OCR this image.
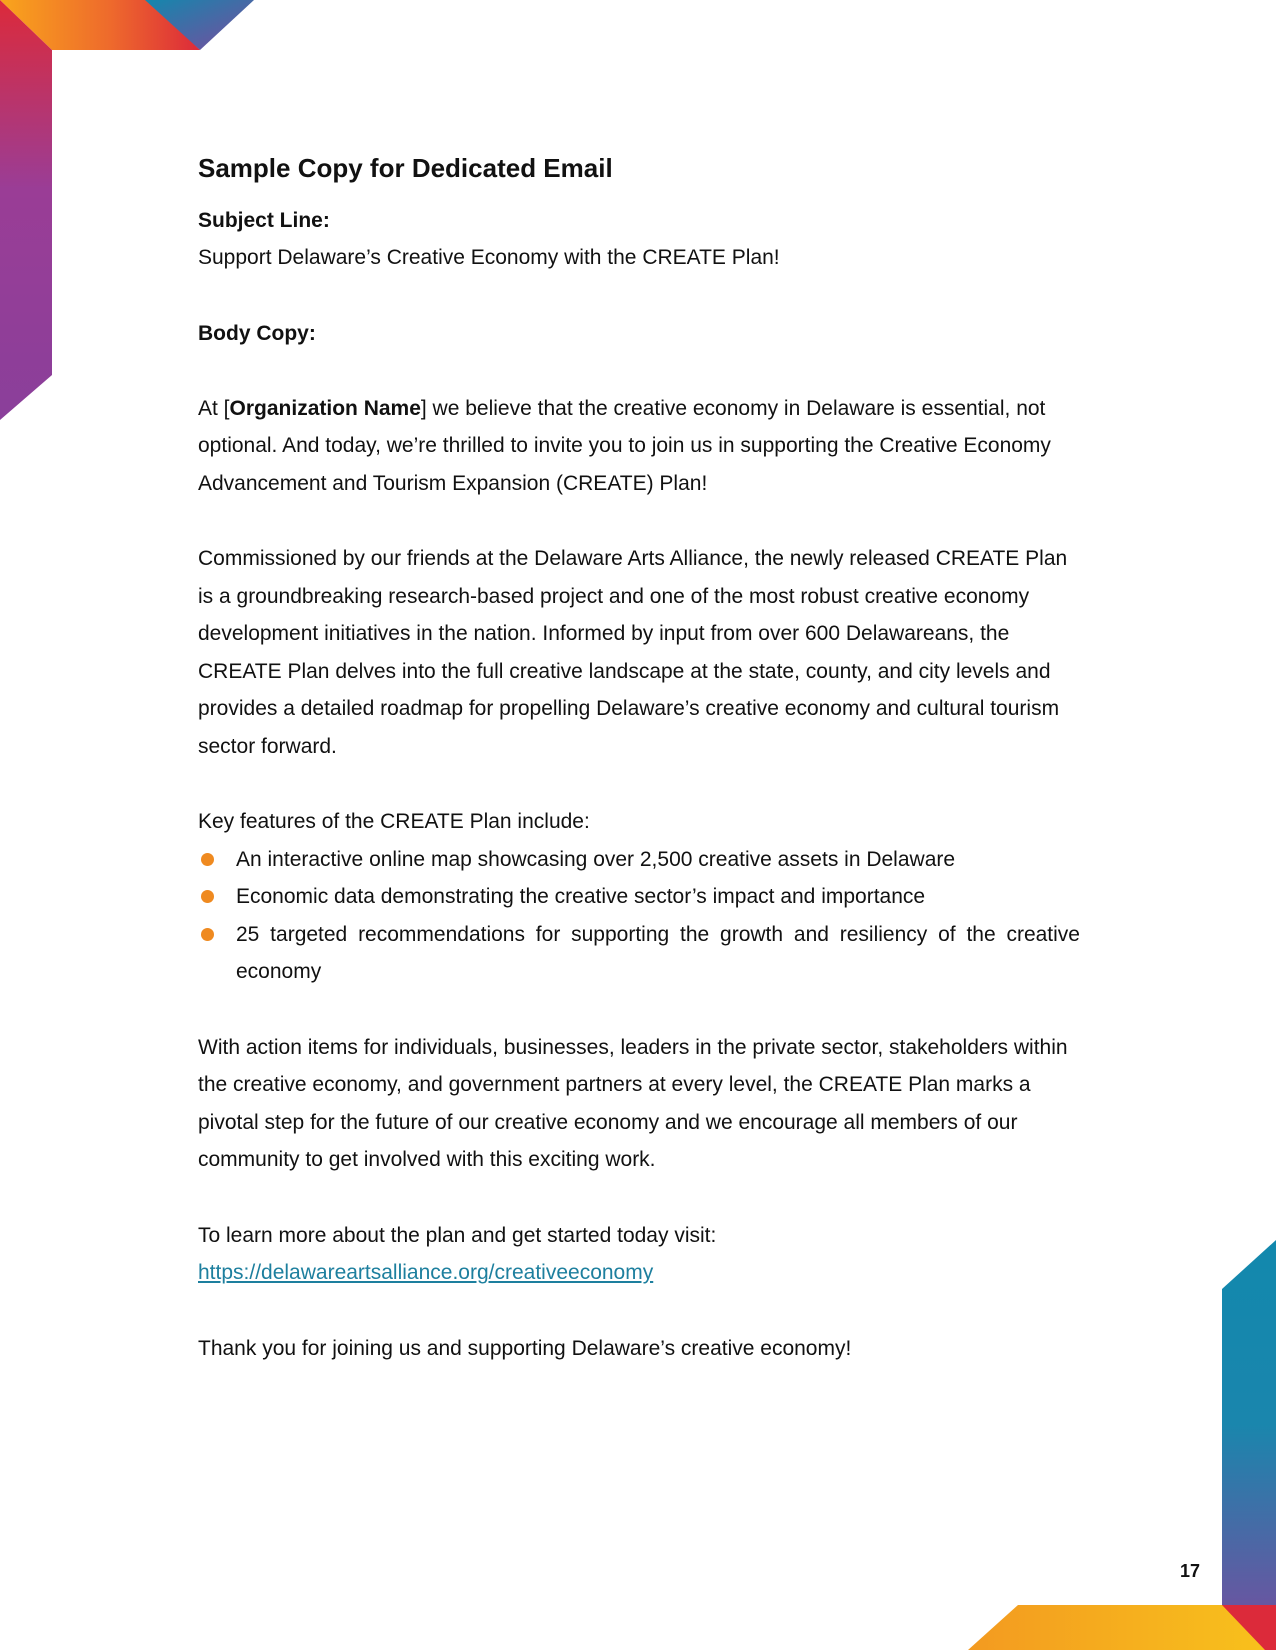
Sample Copy for Dedicated Email

Subject Line:

Support Delaware’s Creative Economy with the CREATE Plan!

Body Copy:

At [Organization Name] we believe that the creative economy in Delaware is essential, not optional. And today, we’re thrilled to invite you to join us in supporting the Creative Economy Advancement and Tourism Expansion (CREATE) Plan!

Commissioned by our friends at the Delaware Arts Alliance, the newly released CREATE Plan is a groundbreaking research-based project and one of the most robust creative economy development initiatives in the nation. Informed by input from over 600 Delawareans, the CREATE Plan delves into the full creative landscape at the state, county, and city levels and provides a detailed roadmap for propelling Delaware’s creative economy and cultural tourism sector forward.

Key features of the CREATE Plan include:

An interactive online map showcasing over 2,500 creative assets in Delaware
Economic data demonstrating the creative sector’s impact and importance
25 targeted recommendations for supporting the growth and resiliency of the creative economy

With action items for individuals, businesses, leaders in the private sector, stakeholders within the creative economy, and government partners at every level, the CREATE Plan marks a pivotal step for the future of our creative economy and we encourage all members of our community to get involved with this exciting work.

To learn more about the plan and get started today visit:

https://delawareartsalliance.org/creativeeconomy

Thank you for joining us and supporting Delaware’s creative economy!

17
